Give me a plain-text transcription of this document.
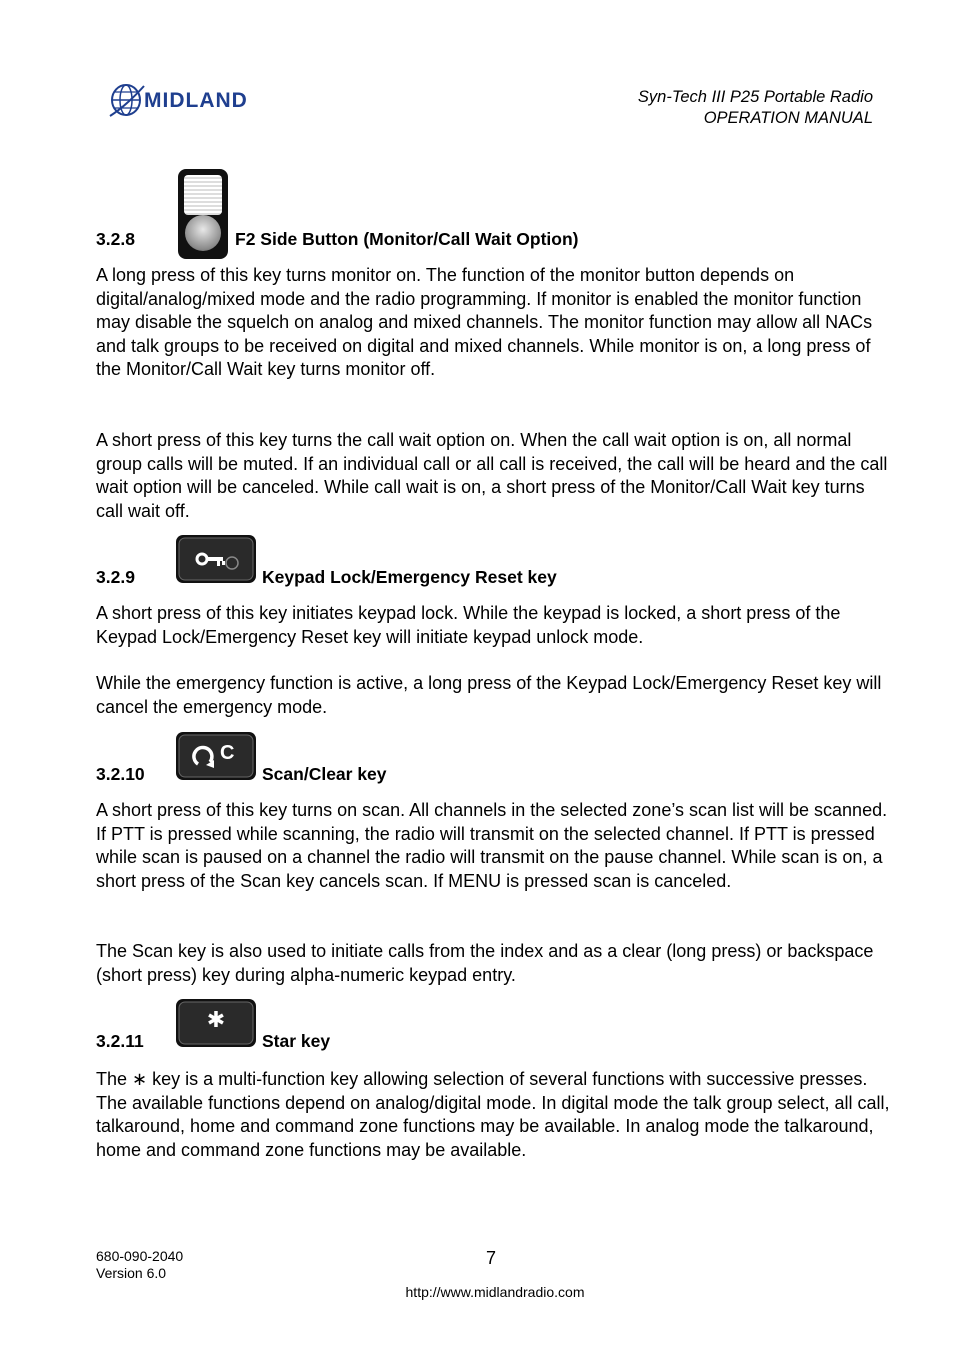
MIDLAND	Syn-Tech III P25 Portable Radio
OPERATION MANUAL
3.2.8	F2 Side Button (Monitor/Call Wait Option)

A long press of this key turns monitor on. The function of the monitor button depends on digital/analog/mixed mode and the radio programming. If monitor is enabled the monitor function may disable the squelch on analog and mixed channels. The monitor function may allow all NACs and talk groups to be received on digital and mixed channels. While monitor is on, a long press of the Monitor/Call Wait key turns monitor off.

A short press of this key turns the call wait option on. When the call wait option is on, all normal group calls will be muted. If an individual call or all call is received, the call will be heard and the call wait option will be canceled. While call wait is on, a short press of the Monitor/Call Wait key turns call wait off.

3.2.9	Keypad Lock/Emergency Reset key

A short press of this key initiates keypad lock. While the keypad is locked, a short press of the Keypad Lock/Emergency Reset key will initiate keypad unlock mode.

While the emergency function is active, a long press of the Keypad Lock/Emergency Reset key will cancel the emergency mode.

3.2.10
C
Scan/Clear key

A short press of this key turns on scan. All channels in the selected zone’s scan list will be scanned. If PTT is pressed while scanning, the radio will transmit on the selected channel. If PTT is pressed while scan is paused on a channel the radio will transmit on the pause channel. While scan is on, a short press of the Scan key cancels scan. If MENU is pressed scan is canceled.

The Scan key is also used to initiate calls from the index and as a clear (long press) or backspace (short press) key during alpha-numeric keypad entry.

3.2.11
✱
Star key

The ∗ key is a multi-function key allowing selection of several functions with successive presses. The available functions depend on analog/digital mode. In digital mode the talk group select, all call, talkaround, home and command zone functions may be available. In analog mode the talkaround, home and command zone functions may be available.

680-090-2040
Version 6.0
7
http://www.midlandradio.com
